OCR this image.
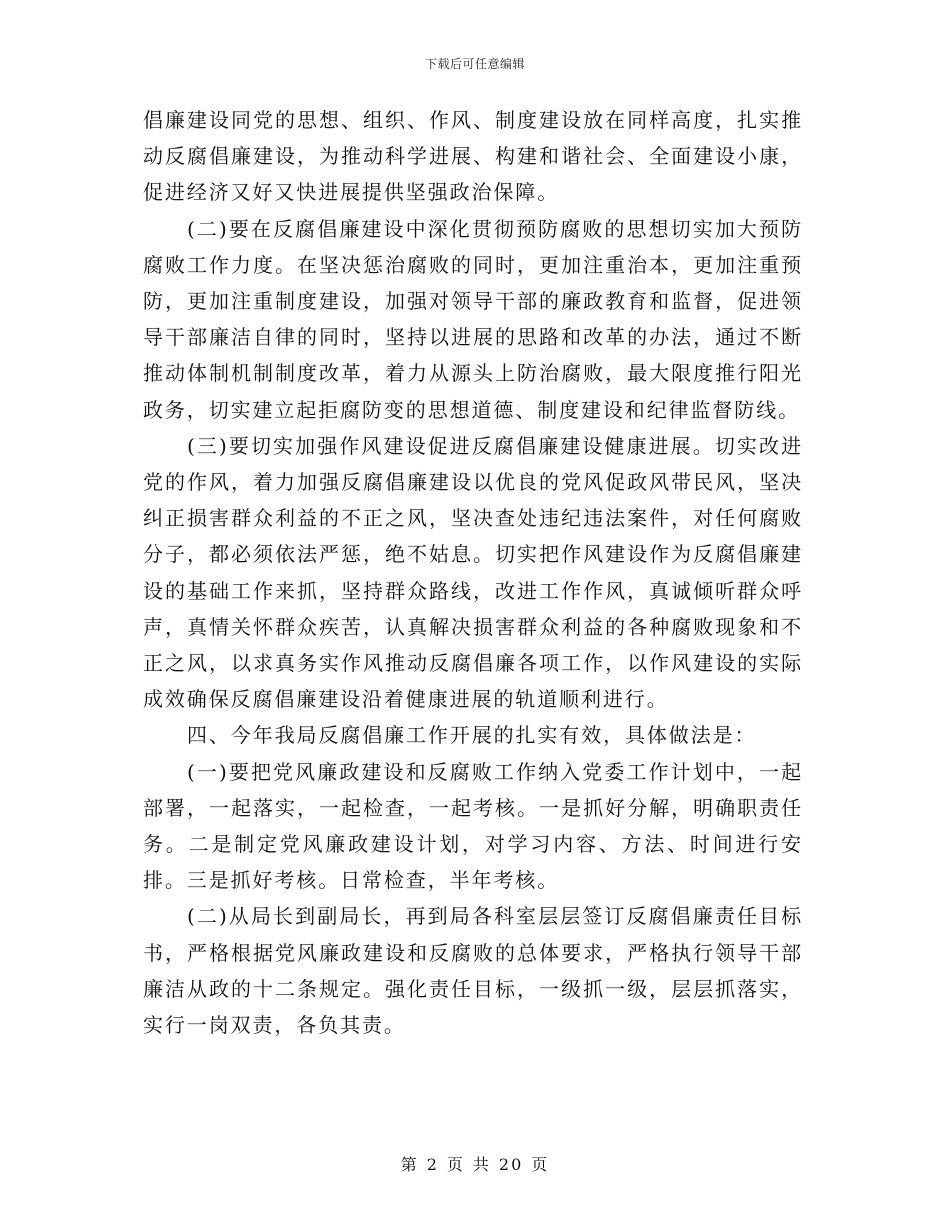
下载后可任意编辑

倡廉建设同党的思想、组织、作风、制度建设放在同样高度，扎实推动反腐倡廉建设，为推动科学进展、构建和谐社会、全面建设小康，促进经济又好又快进展提供坚强政治保障。

(二)要在反腐倡廉建设中深化贯彻预防腐败的思想切实加大预防腐败工作力度。在坚决惩治腐败的同时，更加注重治本，更加注重预防，更加注重制度建设，加强对领导干部的廉政教育和监督，促进领导干部廉洁自律的同时，坚持以进展的思路和改革的办法，通过不断推动体制机制制度改革，着力从源头上防治腐败，最大限度推行阳光政务，切实建立起拒腐防变的思想道德、制度建设和纪律监督防线。

(三)要切实加强作风建设促进反腐倡廉建设健康进展。切实改进党的作风，着力加强反腐倡廉建设以优良的党风促政风带民风，坚决纠正损害群众利益的不正之风，坚决查处违纪违法案件，对任何腐败分子，都必须依法严惩，绝不姑息。切实把作风建设作为反腐倡廉建设的基础工作来抓，坚持群众路线，改进工作作风，真诚倾听群众呼声，真情关怀群众疾苦，认真解决损害群众利益的各种腐败现象和不正之风，以求真务实作风推动反腐倡廉各项工作，以作风建设的实际成效确保反腐倡廉建设沿着健康进展的轨道顺利进行。

四、今年我局反腐倡廉工作开展的扎实有效，具体做法是：

(一)要把党风廉政建设和反腐败工作纳入党委工作计划中，一起部署，一起落实，一起检查，一起考核。一是抓好分解，明确职责任务。二是制定党风廉政建设计划，对学习内容、方法、时间进行安排。三是抓好考核。日常检查，半年考核。

(二)从局长到副局长，再到局各科室层层签订反腐倡廉责任目标书，严格根据党风廉政建设和反腐败的总体要求，严格执行领导干部廉洁从政的十二条规定。强化责任目标，一级抓一级，层层抓落实，实行一岗双责，各负其责。

第 2 页 共 20 页
